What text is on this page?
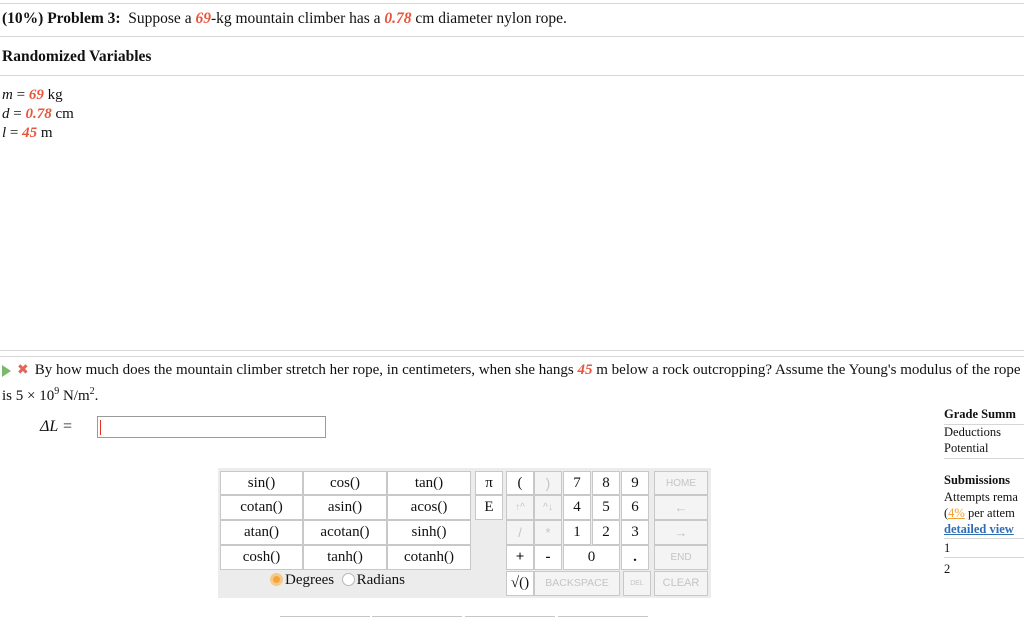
(10%) Problem 3: Suppose a 69-kg mountain climber has a 0.78 cm diameter nylon rope.
Randomized Variables
m = 69 kg
d = 0.78 cm
l = 45 m
✖ By how much does the mountain climber stretch her rope, in centimeters, when she hangs 45 m below a rock outcropping? Assume the Young's modulus of the rope is $5 \times 10^9$ $N/m^2$.
ΔL =
sin()	cos()	tan()
cotan()	asin()	acos()
atan()	acotan()	sinh()
cosh()	tanh()	cotanh()
Degrees Radians
π	(	)	7	8	9	HOME
E	↑^	^↓	4	5	6	←
/	*	1	2	3	→
+	-	0	.	END
√()	BACKSPACE	DEL	CLEAR
Grade Summ
Deductions
Potential
Submissions
Attempts rema
(4% per attem
detailed view
1
2
